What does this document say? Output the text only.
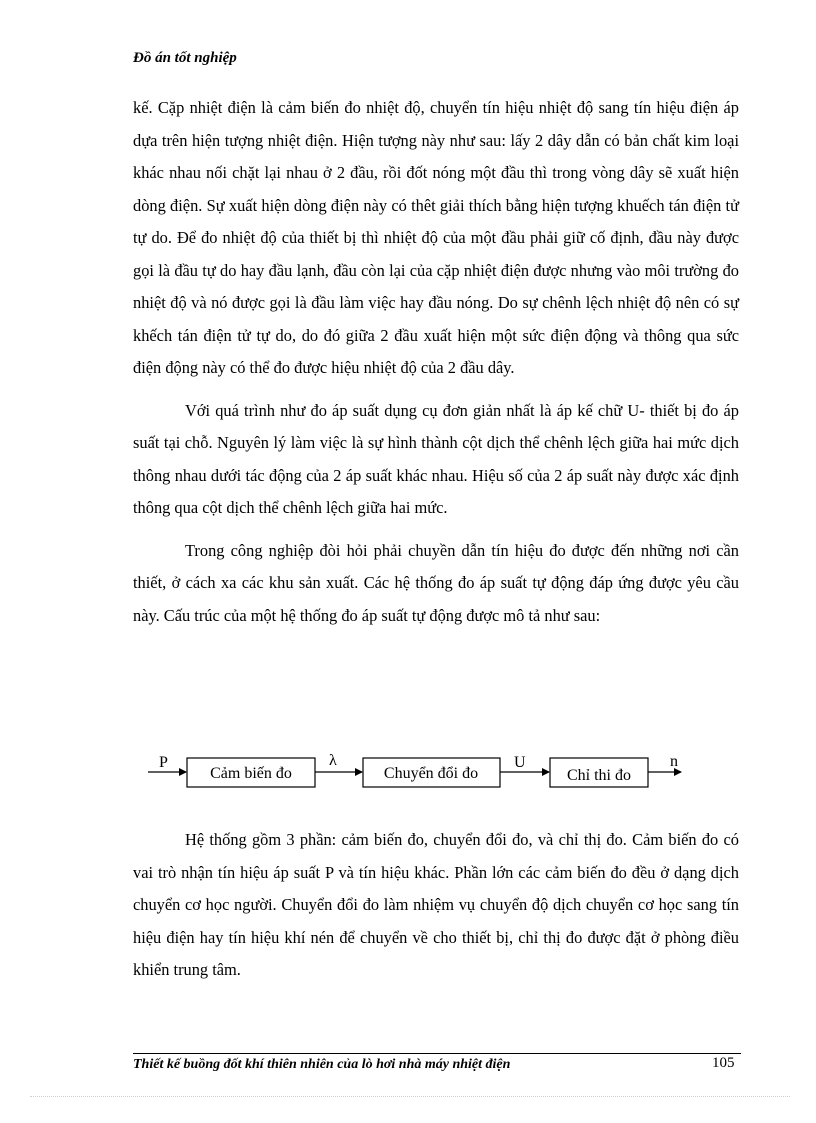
Đồ án tốt nghiệp

kế. Cặp nhiệt điện là cảm biến đo nhiệt độ, chuyển tín hiệu nhiệt độ sang tín hiệu điện áp dựa trên hiện tượng nhiệt điện. Hiện tượng này như sau: lấy 2 dây dẫn có bản chất kim loại khác nhau nối chặt lại nhau ở 2 đầu, rồi đốt nóng một đầu thì trong vòng dây sẽ xuất hiện dòng điện. Sự xuất hiện dòng điện này có thêt giải thích bằng hiện tượng khuếch tán điện tử tự do. Để đo nhiệt độ của thiết bị thì nhiệt độ của một đầu phải giữ cố định, đầu này được gọi là đầu tự do hay đầu lạnh, đầu còn lại của cặp nhiệt điện được nhưng vào môi trường đo nhiệt độ và nó được gọi là đầu làm việc hay đầu nóng. Do sự chênh lệch nhiệt độ nên có sự khếch tán điện tử tự do, do đó giữa 2 đầu xuất hiện một sức điện động và thông qua sức điện động này có thể đo được hiệu nhiệt độ của 2 đầu dây.

Với quá trình như đo áp suất dụng cụ đơn giản nhất là áp kế chữ U- thiết bị đo áp suất tại chỗ. Nguyên lý làm việc là sự hình thành cột dịch thể chênh lệch giữa hai mức dịch thông nhau dưới tác động của 2 áp suất khác nhau. Hiệu số của 2 áp suất này được xác định thông qua cột dịch thể chênh lệch giữa hai mức.

Trong công nghiệp đòi hỏi phải chuyền dẫn tín hiệu đo được đến những nơi cần thiết, ở cách xa các khu sản xuất. Các hệ thống đo áp suất tự động đáp ứng được yêu cầu này. Cấu trúc của một hệ thống đo áp suất tự động được mô tả như sau:

P
Cảm biến đo
λ
Chuyển đổi đo
U
Chỉ thi đo
n

Hệ thống gồm 3 phần: cảm biến đo, chuyển đổi đo, và chỉ thị đo. Cảm biến đo có vai trò nhận tín hiệu áp suất P và tín hiệu khác. Phần lớn các cảm biến đo đều ở dạng dịch chuyển cơ học người. Chuyển đổi đo làm nhiệm vụ chuyển độ dịch chuyển cơ học sang tín hiệu điện hay tín hiệu khí nén để chuyển về cho thiết bị, chỉ thị đo được đặt ở phòng điều khiển trung tâm.

Thiết kế buồng đốt khí thiên nhiên của lò hơi nhà máy nhiệt điện	105
